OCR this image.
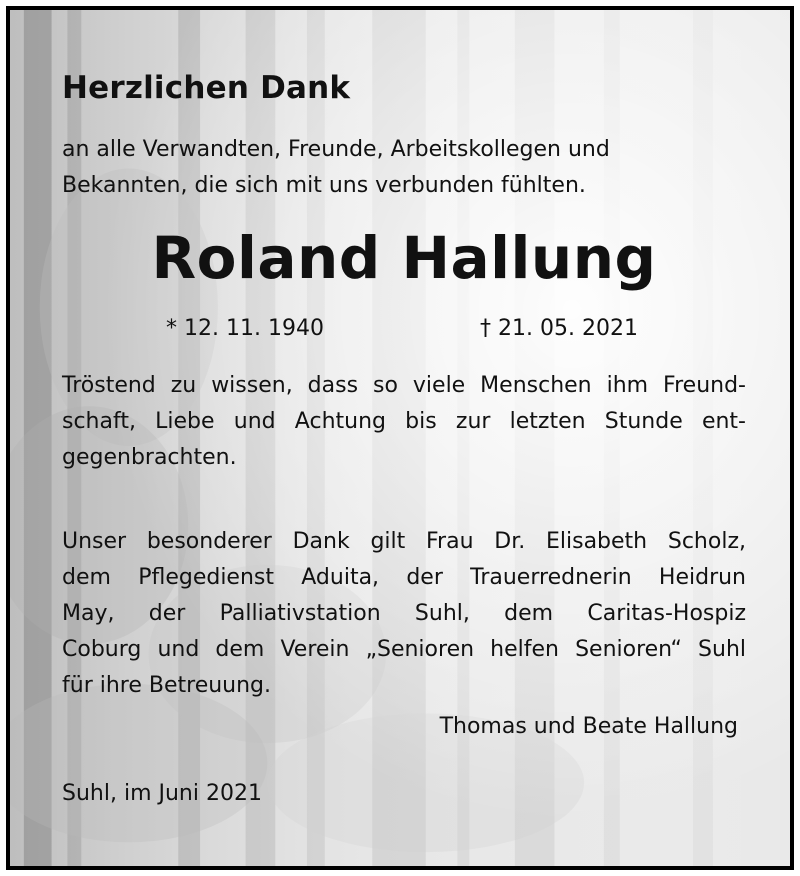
Herzlichen Dank

an alle Verwandten, Freunde, Arbeitskollegen und
Bekannten, die sich mit uns verbunden fühlten.

Roland Hallung
* 12. 11. 1940	† 21. 05. 2021

Tröstend zu wissen, dass so viele Menschen ihm Freund-
schaft, Liebe und Achtung bis zur letzten Stunde ent-
gegenbrachten.

Unser besonderer Dank gilt Frau Dr. Elisabeth Scholz,
dem Pflegedienst Aduita, der Trauerrednerin Heidrun
May, der Palliativstation Suhl, dem Caritas-Hospiz
Coburg und dem Verein „Senioren helfen Senioren“ Suhl
für ihre Betreuung.

Thomas und Beate Hallung
Suhl, im Juni 2021
